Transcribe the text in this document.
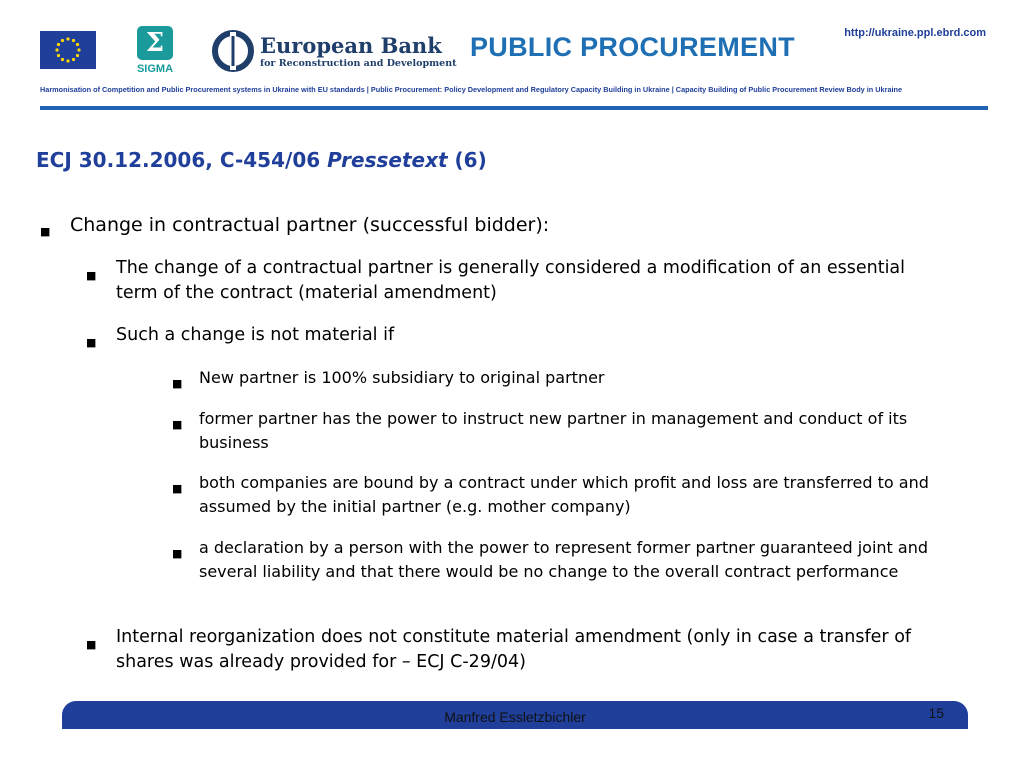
Σ
SIGMA
European Bank
for Reconstruction and Development
PUBLIC PROCUREMENT	http://ukraine.ppl.ebrd.com
Harmonisation of Competition and Public Procurement systems in Ukraine with EU standards | Public Procurement: Policy Development and Regulatory Capacity Building in Ukraine | Capacity Building of Public Procurement Review Body in Ukraine
ECJ 30.12.2006, C-454/06 Pressetext (6)
■ Change in contractual partner (successful bidder):
■ The change of a contractual partner is generally considered a modification of an essential term of the contract (material amendment)
■ Such a change is not material if
■ New partner is 100% subsidiary to original partner
■ former partner has the power to instruct new partner in management and conduct of its business
■ both companies are bound by a contract under which profit and loss are transferred to and assumed by the initial partner (e.g. mother company)
■ a declaration by a person with the power to represent former partner guaranteed joint and several liability and that there would be no change to the overall contract performance
■ Internal reorganization does not constitute material amendment (only in case a transfer of shares was already provided for – ECJ C-29/04)
Manfred Essletzbichler	15
